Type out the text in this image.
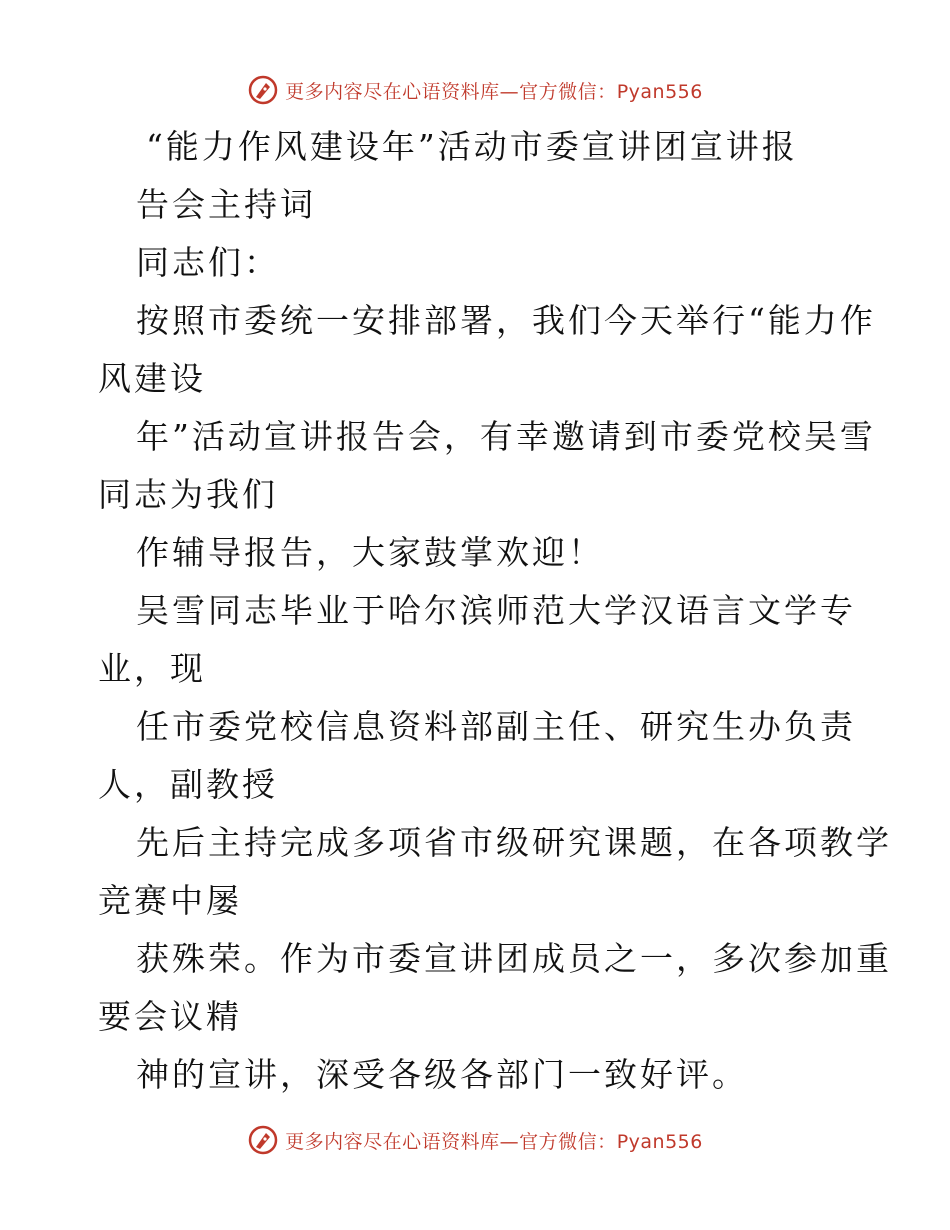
更多内容尽在心语资料库—官方微信：Pyan556
“能力作风建设年”活动市委宣讲团宣讲报
告会主持词
同志们：
按照市委统一安排部署，我们今天举行“能力作
风建设
年”活动宣讲报告会，有幸邀请到市委党校吴雪
同志为我们
作辅导报告，大家鼓掌欢迎！
吴雪同志毕业于哈尔滨师范大学汉语言文学专
业，现
任市委党校信息资料部副主任、研究生办负责
人，副教授
先后主持完成多项省市级研究课题，在各项教学
竞赛中屡
获殊荣。作为市委宣讲团成员之一，多次参加重
要会议精
神的宣讲，深受各级各部门一致好评。
更多内容尽在心语资料库—官方微信：Pyan556
